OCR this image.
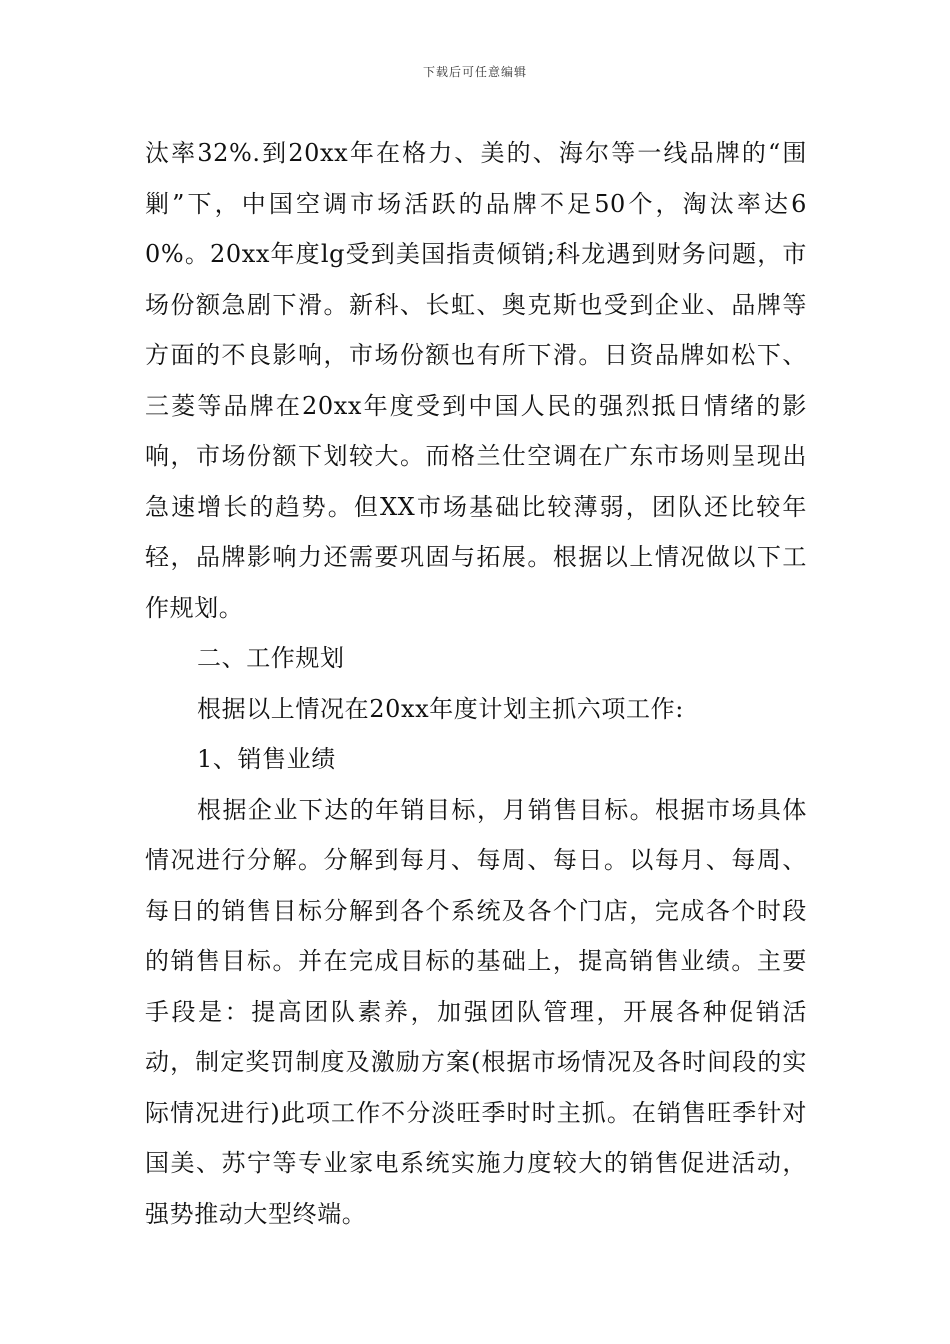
下载后可任意编辑

汰率32%.到20xx年在格力、美的、海尔等一线品牌的“围剿”下，中国空调市场活跃的品牌不足50个，淘汰率达60%。20xx年度lg受到美国指责倾销;科龙遇到财务问题，市场份额急剧下滑。新科、长虹、奥克斯也受到企业、品牌等方面的不良影响，市场份额也有所下滑。日资品牌如松下、三菱等品牌在20xx年度受到中国人民的强烈抵日情绪的影响，市场份额下划较大。而格兰仕空调在广东市场则呈现出急速增长的趋势。但XX市场基础比较薄弱，团队还比较年轻，品牌影响力还需要巩固与拓展。根据以上情况做以下工作规划。

二、工作规划

根据以上情况在20xx年度计划主抓六项工作:

1、销售业绩

根据企业下达的年销目标，月销售目标。根据市场具体情况进行分解。分解到每月、每周、每日。以每月、每周、每日的销售目标分解到各个系统及各个门店，完成各个时段的销售目标。并在完成目标的基础上，提高销售业绩。主要手段是：提高团队素养，加强团队管理，开展各种促销活动，制定奖罚制度及激励方案(根据市场情况及各时间段的实际情况进行)此项工作不分淡旺季时时主抓。在销售旺季针对国美、苏宁等专业家电系统实施力度较大的销售促进活动，强势推动大型终端。
